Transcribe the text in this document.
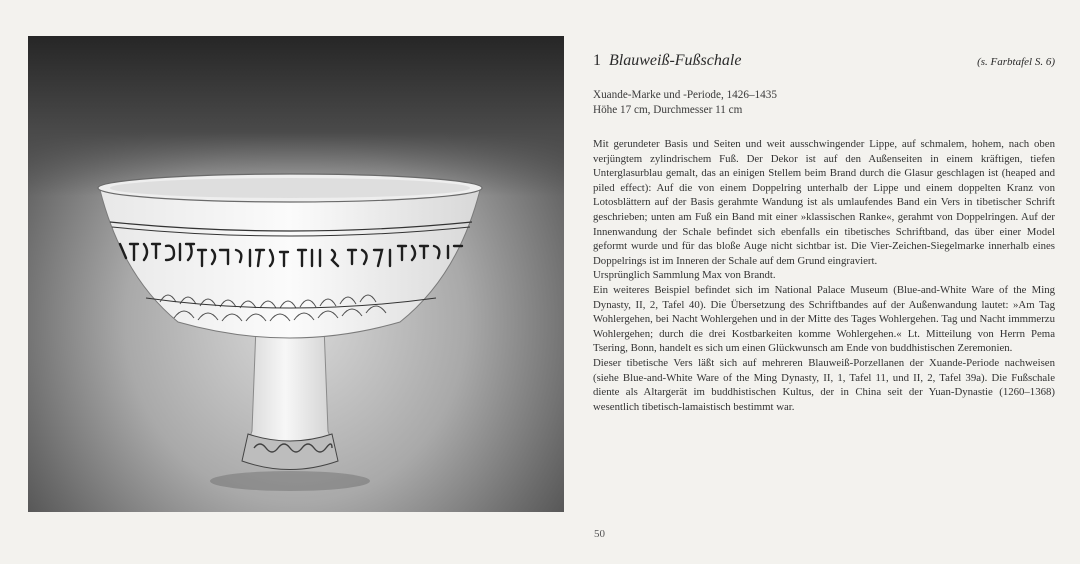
1 Blauweiß-Fußschale	(s. Farbtafel S. 6)
Xuande-Marke und -Periode, 1426–1435
Höhe 17 cm, Durchmesser 11 cm

Mit gerundeter Basis und Seiten und weit ausschwingender Lippe, auf schmalem, hohem, nach oben verjüngtem zylindrischem Fuß. Der Dekor ist auf den Außenseiten in einem kräftigen, tiefen Unterglasurblau gemalt, das an einigen Stellem beim Brand durch die Glasur geschlagen ist (heaped and piled effect): Auf die von einem Doppelring unterhalb der Lippe und einem doppelten Kranz von Lotosblättern auf der Basis gerahmte Wandung ist als umlaufendes Band ein Vers in tibetischer Schrift geschrieben; unten am Fuß ein Band mit einer »klassischen Ranke«, gerahmt von Doppelringen. Auf der Innenwandung der Schale befindet sich ebenfalls ein tibetisches Schriftband, das über einer Model geformt wurde und für das bloße Auge nicht sichtbar ist. Die Vier-Zeichen-Siegelmarke innerhalb eines Doppelrings ist im Inneren der Schale auf dem Grund eingraviert.

Ursprünglich Sammlung Max von Brandt.

Ein weiteres Beispiel befindet sich im National Palace Museum (Blue-and-White Ware of the Ming Dynasty, II, 2, Tafel 40). Die Übersetzung des Schriftbandes auf der Außenwandung lautet: »Am Tag Wohlergehen, bei Nacht Wohlergehen und in der Mitte des Tages Wohlergehen. Tag und Nacht immmerzu Wohlergehen; durch die drei Kostbarkeiten komme Wohlergehen.« Lt. Mitteilung von Herrn Pema Tsering, Bonn, handelt es sich um einen Glückwunsch am Ende von buddhistischen Zeremonien.

Dieser tibetische Vers läßt sich auf mehreren Blauweiß-Porzellanen der Xuande-Periode nachweisen (siehe Blue-and-White Ware of the Ming Dynasty, II, 1, Tafel 11, und II, 2, Tafel 39a). Die Fußschale diente als Altargerät im buddhistischen Kultus, der in China seit der Yuan-Dynastie (1260–1368) wesentlich tibetisch-lamaistisch bestimmt war.

50
